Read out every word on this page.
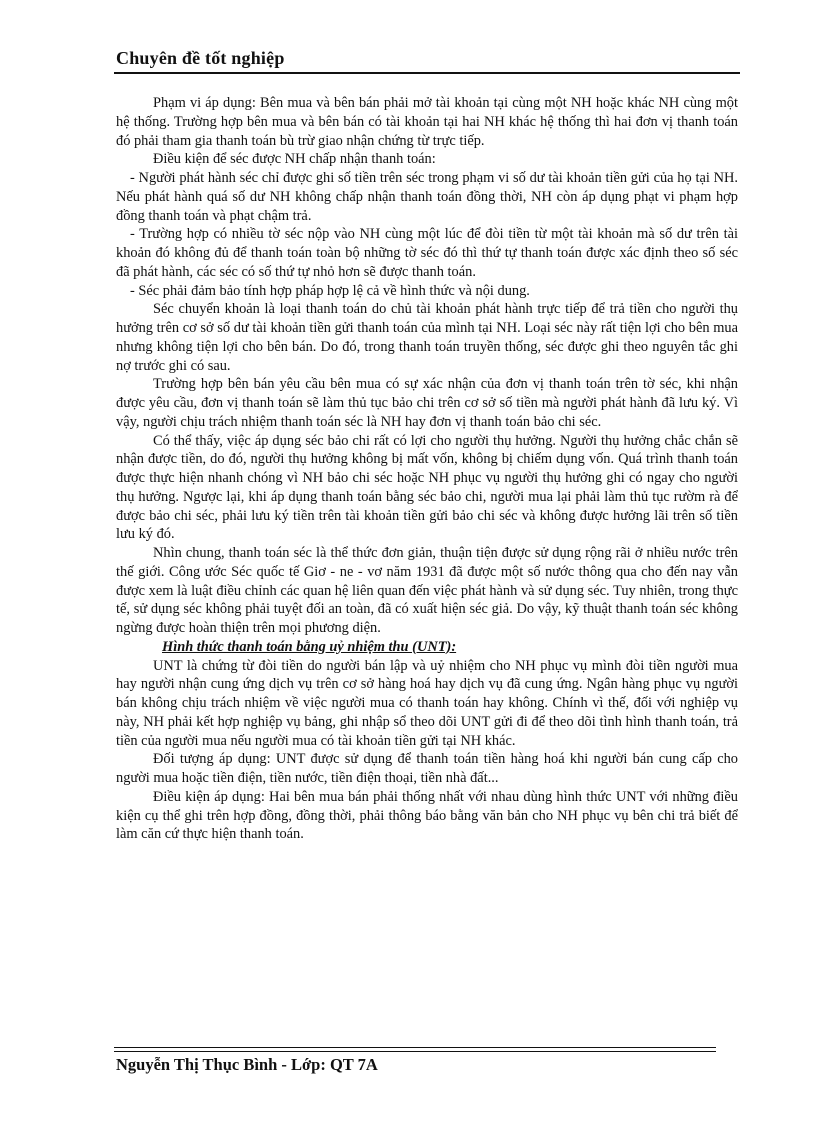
Chuyên đề tốt nghiệp

Phạm vi áp dụng: Bên mua và bên bán phải mở tài khoản tại cùng một NH hoặc khác NH cùng một hệ thống. Trường hợp bên mua và bên bán có tài khoản tại hai NH khác hệ thống thì hai đơn vị thanh toán đó phải tham gia thanh toán bù trừ giao nhận chứng từ trực tiếp.

Điều kiện để séc được NH chấp nhận thanh toán:

- Người phát hành séc chỉ được ghi số tiền trên séc trong phạm vi số dư tài khoản tiền gửi của họ tại NH. Nếu phát hành quá số dư NH không chấp nhận thanh toán đồng thời, NH còn áp dụng phạt vi phạm hợp đồng thanh toán và phạt chậm trả.

- Trường hợp có nhiều tờ séc nộp vào NH cùng một lúc để đòi tiền từ một tài khoản mà số dư trên tài khoản đó không đủ để thanh toán toàn bộ những tờ séc đó thì thứ tự thanh toán được xác định theo số séc đã phát hành, các séc có số thứ tự nhỏ hơn sẽ được thanh toán.

- Séc phải đảm bảo tính hợp pháp hợp lệ cả về hình thức và nội dung.

Séc chuyển khoản là loại thanh toán do chủ tài khoản phát hành trực tiếp để trả tiền cho người thụ hưởng trên cơ sở số dư tài khoản tiền gửi thanh toán của mình tại NH. Loại séc này rất tiện lợi cho bên mua nhưng không tiện lợi cho bên bán. Do đó, trong thanh toán truyền thống, séc được ghi theo nguyên tắc ghi nợ trước ghi có sau.

Trường hợp bên bán yêu cầu bên mua có sự xác nhận của đơn vị thanh toán trên tờ séc, khi nhận được yêu cầu, đơn vị thanh toán sẽ làm thủ tục bảo chi trên cơ sở số tiền mà người phát hành đã lưu ký. Vì vậy, người chịu trách nhiệm thanh toán séc là NH hay đơn vị thanh toán bảo chi séc.

Có thể thấy, việc áp dụng séc bảo chi rất có lợi cho người thụ hưởng. Người thụ hưởng chắc chắn sẽ nhận được tiền, do đó, người thụ hưởng không bị mất vốn, không bị chiếm dụng vốn. Quá trình thanh toán được thực hiện nhanh chóng vì NH bảo chi séc hoặc NH phục vụ người thụ hưởng ghi có ngay cho người thụ hưởng. Ngược lại, khi áp dụng thanh toán bằng séc bảo chi, người mua lại phải làm thủ tục rườm rà để được bảo chi séc, phải lưu ký tiền trên tài khoản tiền gửi bảo chi séc và không được hưởng lãi trên số tiền lưu ký đó.

Nhìn chung, thanh toán séc là thể thức đơn giản, thuận tiện được sử dụng rộng rãi ở nhiều nước trên thế giới. Công ước Séc quốc tế Giơ - ne - vơ năm 1931 đã được một số nước thông qua cho đến nay vẫn được xem là luật điều chỉnh các quan hệ liên quan đến việc phát hành và sử dụng séc. Tuy nhiên, trong thực tế, sử dụng séc không phải tuyệt đối an toàn, đã có xuất hiện séc giả. Do vậy, kỹ thuật thanh toán séc không ngừng được hoàn thiện trên mọi phương diện.

Hình thức thanh toán bằng uỷ nhiệm thu (UNT):

UNT là chứng từ đòi tiền do người bán lập và uỷ nhiệm cho NH phục vụ mình đòi tiền người mua hay người nhận cung ứng dịch vụ trên cơ sở hàng hoá hay dịch vụ đã cung ứng. Ngân hàng phục vụ người bán không chịu trách nhiệm về việc người mua có thanh toán hay không. Chính vì thế, đối với nghiệp vụ này, NH phải kết hợp nghiệp vụ bảng, ghi nhập sổ theo dõi UNT gửi đi để theo dõi tình hình thanh toán, trả tiền của người mua nếu người mua có tài khoản tiền gửi tại NH khác.

Đối tượng áp dụng: UNT được sử dụng để thanh toán tiền hàng hoá khi người bán cung cấp cho người mua hoặc tiền điện, tiền nước, tiền điện thoại, tiền nhà đất...

Điều kiện áp dụng: Hai bên mua bán phải thống nhất với nhau dùng hình thức UNT với những điều kiện cụ thể ghi trên hợp đồng, đồng thời, phải thông báo bằng văn bản cho NH phục vụ bên chi trả biết để làm căn cứ thực hiện thanh toán.

Nguyễn Thị Thục Bình - Lớp: QT 7A
